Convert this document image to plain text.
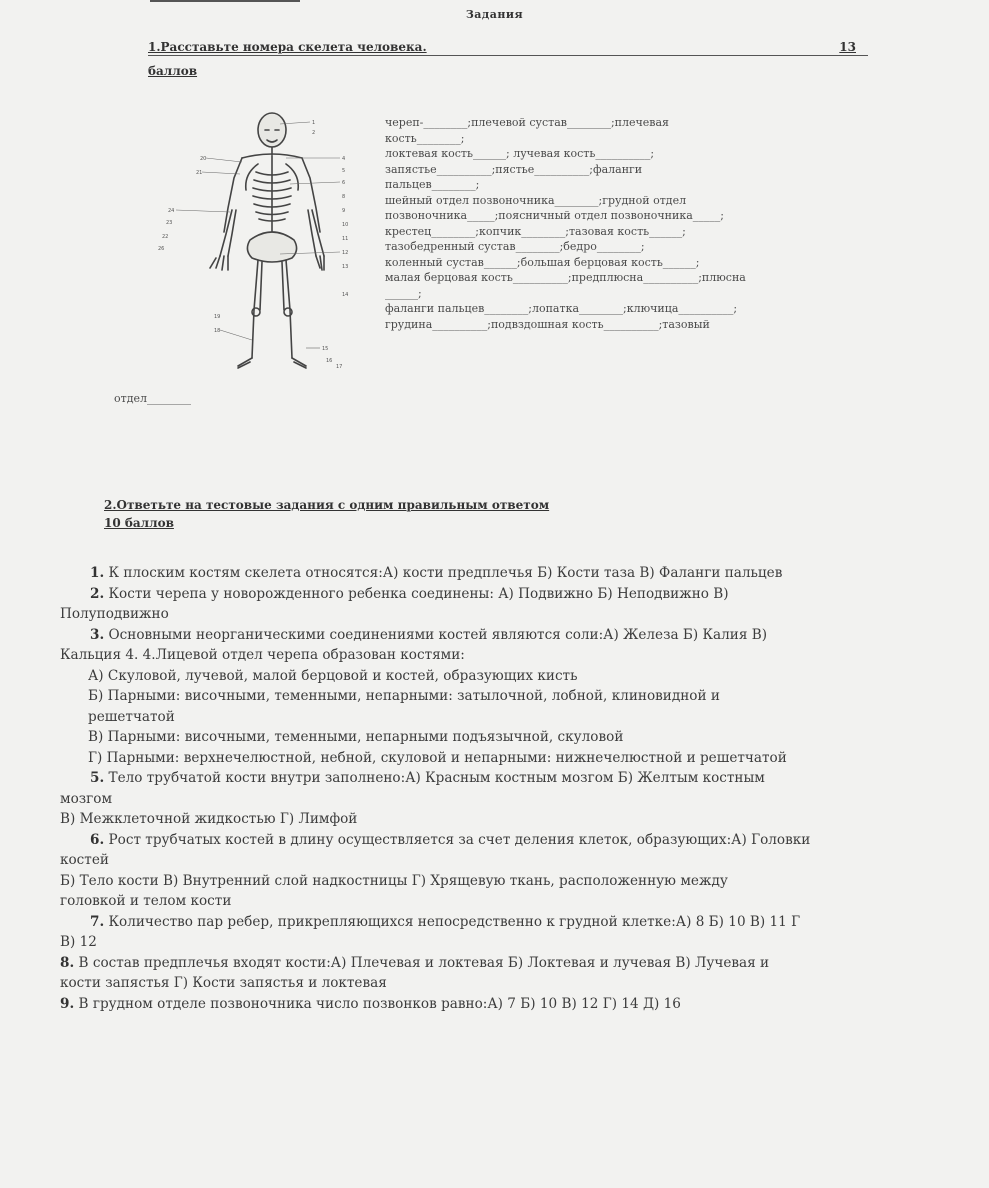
Задания
1.Расставьте номера скелета человека.	13
баллов
1
2
4
5
6
8
9
10
11
12
13
14
15
16
17
18
19
20
21
24
23
22
26
череп-________;плечевой сустав________;плечевая
кость________;
локтевая кость______; лучевая кость__________;
запястье__________;пястье__________;фаланги
пальцев________;
шейный отдел позвоночника________;грудной отдел
позвоночника_____;поясничный отдел позвоночника_____;
крестец________;копчик________;тазовая кость______;
тазобедренный сустав________;бедро________;
коленный сустав______;большая берцовая кость______;
малая берцовая кость__________;предплюсна__________;плюсна
______;
фаланги пальцев________;лопатка________;ключица__________;
грудина__________;подвздошная кость__________;тазовый
отдел________
2.Ответьте на тестовые задания с одним правильным ответом
10 баллов
1. К плоским костям скелета относятся:А) кости предплечья Б) Кости таза В) Фаланги пальцев
2. Кости черепа у новорожденного ребенка соединены: А) Подвижно Б) Неподвижно В)
Полуподвижно
3. Основными неорганическими соединениями костей являются соли:А) Железа Б) Калия В)
Кальция 4. 4.Лицевой отдел черепа образован костями:
А) Скуловой, лучевой, малой берцовой и костей, образующих кисть
Б) Парными: височными, теменными, непарными: затылочной, лобной, клиновидной и
решетчатой
В) Парными: височными, теменными, непарными подъязычной, скуловой
Г) Парными: верхнечелюстной, небной, скуловой и непарными: нижнечелюстной и решетчатой
5. Тело трубчатой кости внутри заполнено:А) Красным костным мозгом Б) Желтым костным
мозгом
В) Межклеточной жидкостью Г) Лимфой
6. Рост трубчатых костей в длину осуществляется за счет деления клеток, образующих:А) Головки
костей
Б) Тело кости В) Внутренний слой надкостницы Г) Хрящевую ткань, расположенную между
головкой и телом кости
7. Количество пар ребер, прикрепляющихся непосредственно к грудной клетке:А) 8 Б) 10 В) 11 Г
В) 12
8. В состав предплечья входят кости:А) Плечевая и локтевая Б) Локтевая и лучевая В) Лучевая и
кости запястья Г) Кости запястья и локтевая
9. В грудном отделе позвоночника число позвонков равно:А) 7 Б) 10 В) 12 Г) 14 Д) 16
